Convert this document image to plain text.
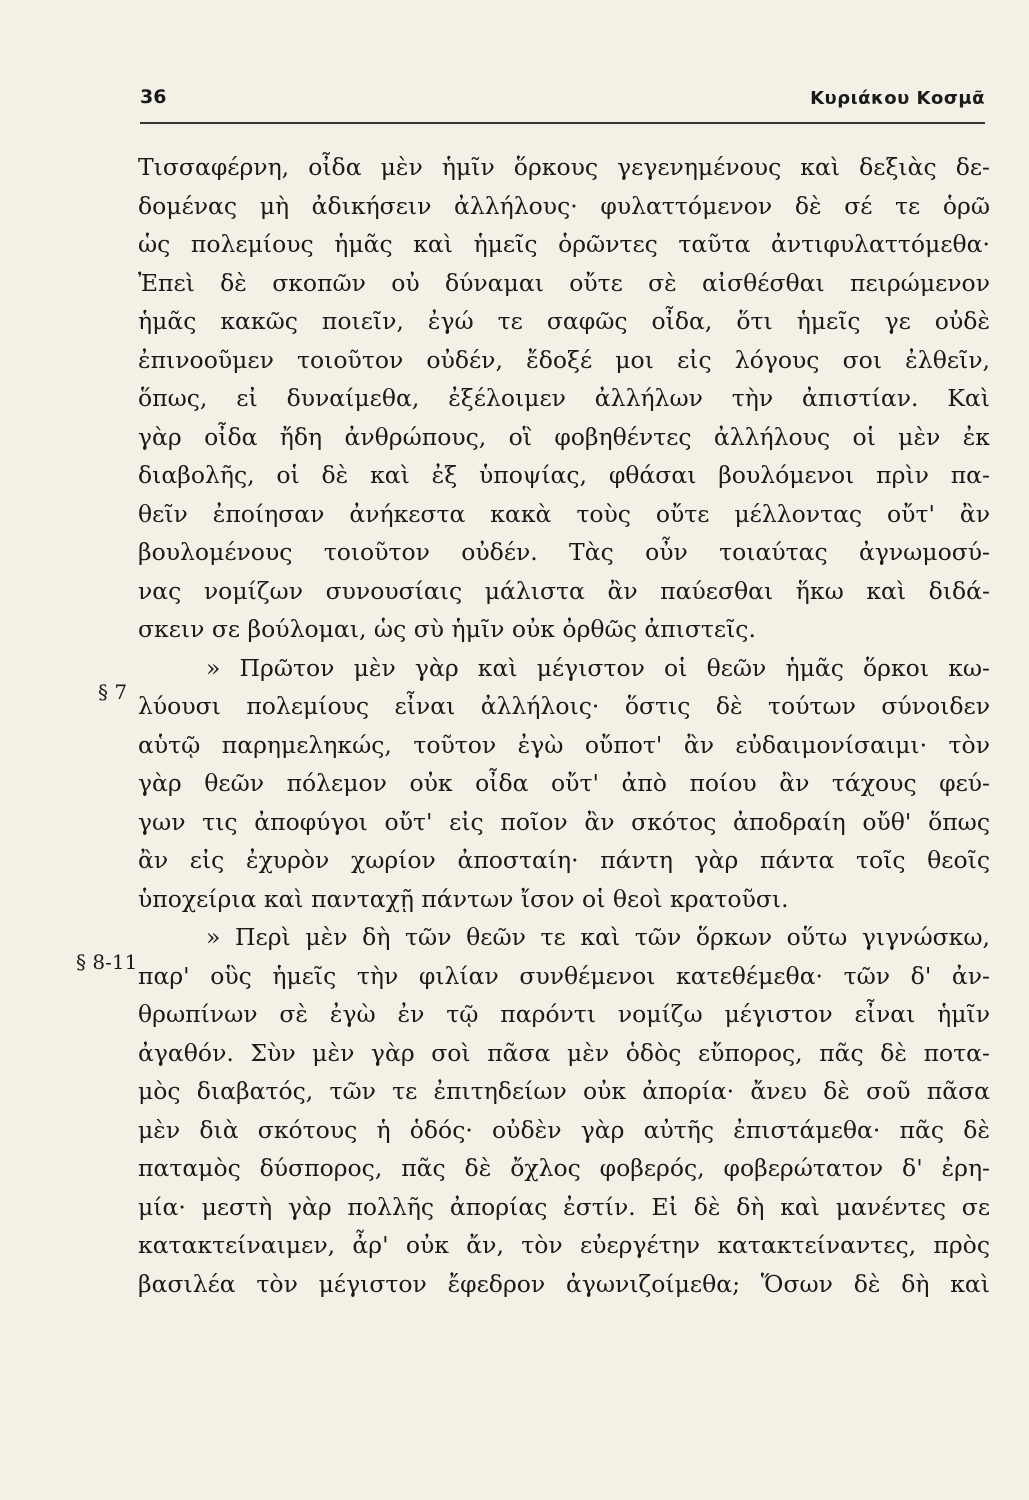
36	Κυριάκου Κοσμᾶ
§ 7
§ 8-11
Τισσαφέρνη, οἶδα μὲν ἡμῖν ὅρκους γεγενημένους καὶ δεξιὰς δε-
δομένας μὴ ἀδικήσειν ἀλλήλους· φυλαττόμενον δὲ σέ τε ὁρῶ
ὡς πολεμίους ἡμᾶς καὶ ἡμεῖς ὁρῶντες ταῦτα ἀντιφυλαττόμεθα·
Ἐπεὶ δὲ σκοπῶν οὐ δύναμαι οὔτε σὲ αἰσθέσθαι πειρώμενον
ἡμᾶς κακῶς ποιεῖν, ἐγώ τε σαφῶς οἶδα, ὅτι ἡμεῖς γε οὐδὲ
ἐπινοοῦμεν τοιοῦτον οὐδέν, ἔδοξέ μοι εἰς λόγους σοι ἐλθεῖν,
ὅπως, εἰ δυναίμεθα, ἐξέλοιμεν ἀλλήλων τὴν ἀπιστίαν. Καὶ
γὰρ οἶδα ἤδη ἀνθρώπους, οἳ φοβηθέντες ἀλλήλους οἱ μὲν ἐκ
διαβολῆς, οἱ δὲ καὶ ἐξ ὑποψίας, φθάσαι βουλόμενοι πρὶν πα-
θεῖν ἐποίησαν ἀνήκεστα κακὰ τοὺς οὔτε μέλλοντας οὔτ' ἂν
βουλομένους τοιοῦτον οὐδέν. Τὰς οὖν τοιαύτας ἀγνωμοσύ-
νας νομίζων συνουσίαις μάλιστα ἂν παύεσθαι ἥκω καὶ διδά-
σκειν σε βούλομαι, ὡς σὺ ἡμῖν οὐκ ὀρθῶς ἀπιστεῖς.
» Πρῶτον μὲν γὰρ καὶ μέγιστον οἱ θεῶν ἡμᾶς ὅρκοι κω-
λύουσι πολεμίους εἶναι ἀλλήλοις· ὅστις δὲ τούτων σύνοιδεν
αὑτῷ παρημεληκώς, τοῦτον ἐγὼ οὔποτ' ἂν εὐδαιμονίσαιμι· τὸν
γὰρ θεῶν πόλεμον οὐκ οἶδα οὔτ' ἀπὸ ποίου ἂν τάχους φεύ-
γων τις ἀποφύγοι οὔτ' εἰς ποῖον ἂν σκότος ἀποδραίη οὔθ' ὅπως
ἂν εἰς ἐχυρὸν χωρίον ἀποσταίη· πάντη γὰρ πάντα τοῖς θεοῖς
ὑποχείρια καὶ πανταχῇ πάντων ἴσον οἱ θεοὶ κρατοῦσι.
» Περὶ μὲν δὴ τῶν θεῶν τε καὶ τῶν ὅρκων οὕτω γιγνώσκω,
παρ' οὓς ἡμεῖς τὴν φιλίαν συνθέμενοι κατεθέμεθα· τῶν δ' ἀν-
θρωπίνων σὲ ἐγὼ ἐν τῷ παρόντι νομίζω μέγιστον εἶναι ἡμῖν
ἀγαθόν. Σὺν μὲν γὰρ σοὶ πᾶσα μὲν ὁδὸς εὔπορος, πᾶς δὲ ποτα-
μὸς διαβατός, τῶν τε ἐπιτηδείων οὐκ ἀπορία· ἄνευ δὲ σοῦ πᾶσα
μὲν διὰ σκότους ἡ ὁδός· οὐδὲν γὰρ αὐτῆς ἐπιστάμεθα· πᾶς δὲ
παταμὸς δύσπορος, πᾶς δὲ ὄχλος φοβερός, φοβερώτατον δ' ἐρη-
μία· μεστὴ γὰρ πολλῆς ἀπορίας ἐστίν. Εἰ δὲ δὴ καὶ μανέντες σε
κατακτείναιμεν, ἆρ' οὐκ ἄν, τὸν εὐεργέτην κατακτείναντες, πρὸς
βασιλέα τὸν μέγιστον ἔφεδρον ἀγωνιζοίμεθα; Ὅσων δὲ δὴ καὶ
